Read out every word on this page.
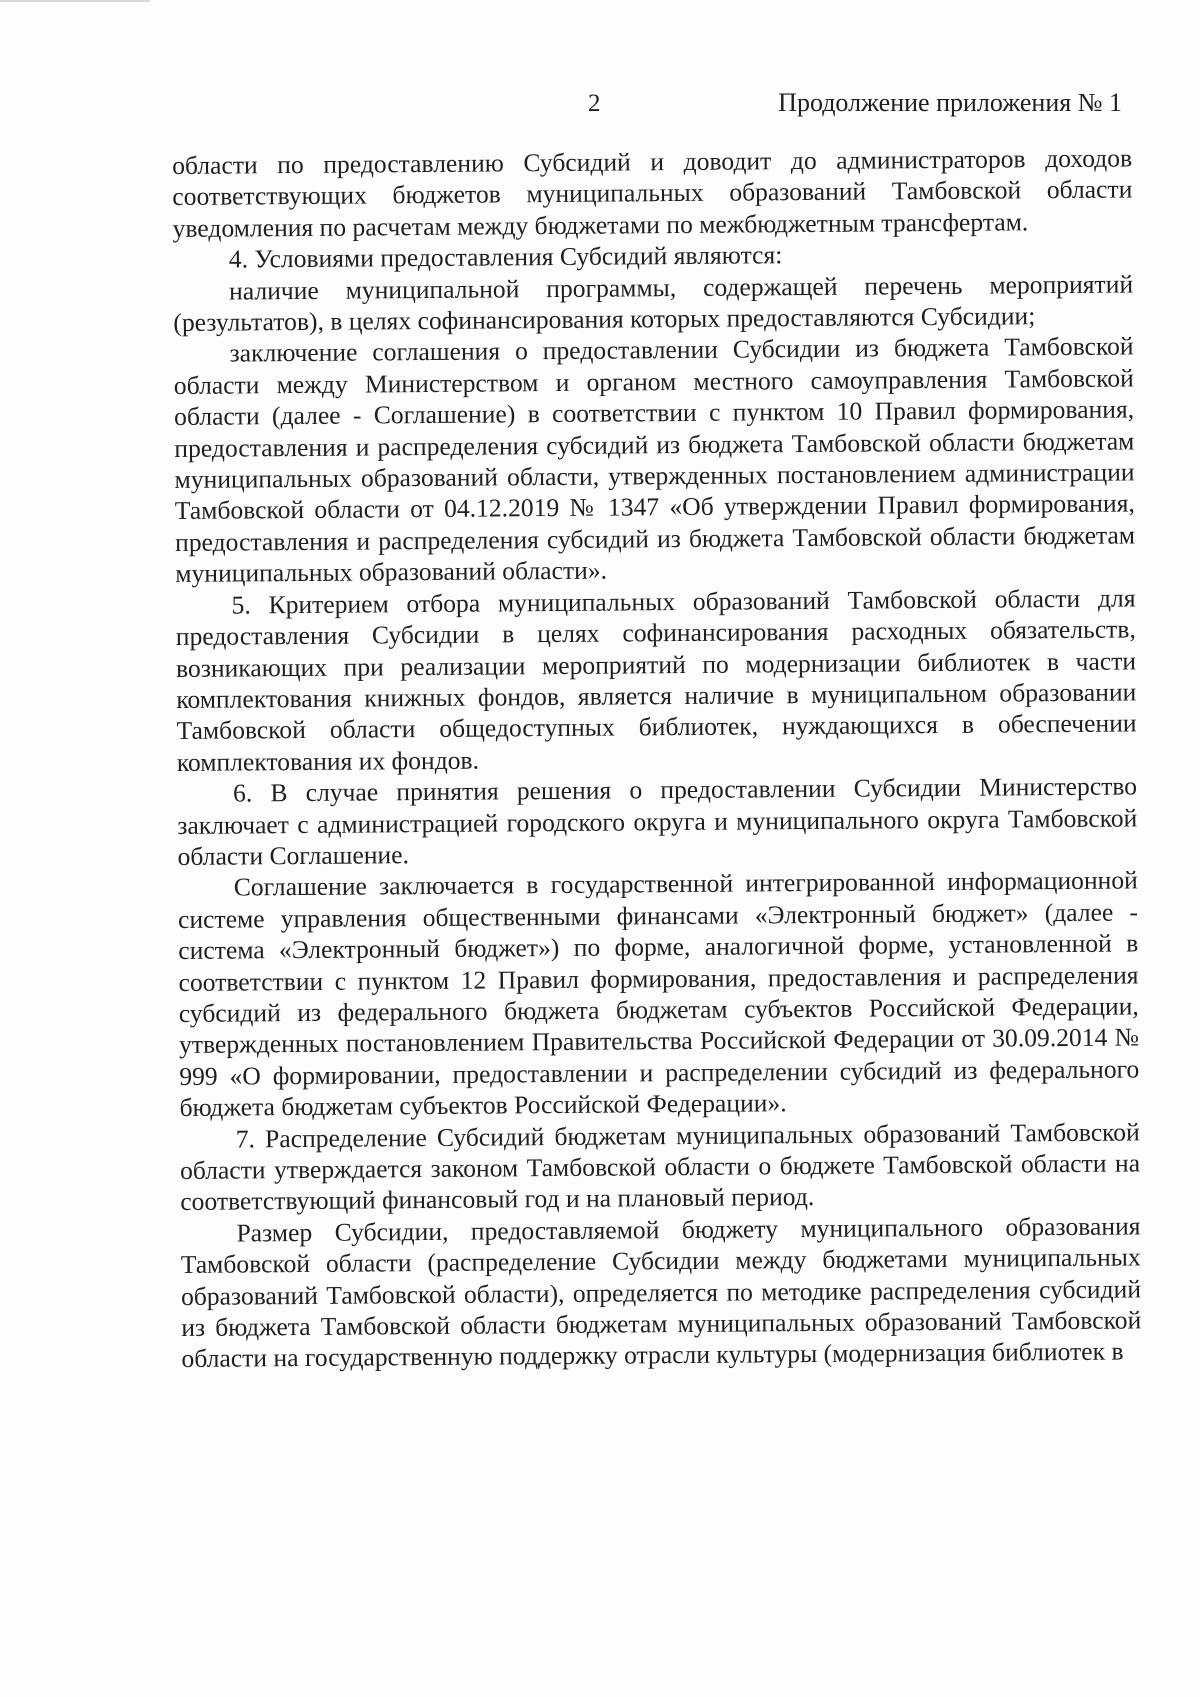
2	Продолжение приложения № 1

области по предоставлению Субсидий и доводит до администраторов доходов соответствующих бюджетов муниципальных образований Тамбовской области уведомления по расчетам между бюджетами по межбюджетным трансфертам.

4. Условиями предоставления Субсидий являются:

наличие муниципальной программы, содержащей перечень мероприятий (результатов), в целях софинансирования которых предоставляются Субсидии;

заключение соглашения о предоставлении Субсидии из бюджета Тамбовской области между Министерством и органом местного самоуправления Тамбовской области (далее - Соглашение) в соответствии с пунктом 10 Правил формирования, предоставления и распределения субсидий из бюджета Тамбовской области бюджетам муниципальных образований области, утвержденных постановлением администрации Тамбовской области от 04.12.2019 № 1347 «Об утверждении Правил формирования, предоставления и распределения субсидий из бюджета Тамбовской области бюджетам муниципальных образований области».

5. Критерием отбора муниципальных образований Тамбовской области для предоставления Субсидии в целях софинансирования расходных обязательств, возникающих при реализации мероприятий по модернизации библиотек в части комплектования книжных фондов, является наличие в муниципальном образовании Тамбовской области общедоступных библиотек, нуждающихся в обеспечении комплектования их фондов.

6. В случае принятия решения о предоставлении Субсидии Министерство заключает с администрацией городского округа и муниципального округа Тамбовской области Соглашение.

Соглашение заключается в государственной интегрированной информационной системе управления общественными финансами «Электронный бюджет» (далее - система «Электронный бюджет») по форме, аналогичной форме, установленной в соответствии с пунктом 12 Правил формирования, предоставления и распределения субсидий из федерального бюджета бюджетам субъектов Российской Федерации, утвержденных постановлением Правительства Российской Федерации от 30.09.2014 № 999 «О формировании, предоставлении и распределении субсидий из федерального бюджета бюджетам субъектов Российской Федерации».

7. Распределение Субсидий бюджетам муниципальных образований Тамбовской области утверждается законом Тамбовской области о бюджете Тамбовской области на соответствующий финансовый год и на плановый период.

Размер Субсидии, предоставляемой бюджету муниципального образования Тамбовской области (распределение Субсидии между бюджетами муниципальных образований Тамбовской области), определяется по методике распределения субсидий из бюджета Тамбовской области бюджетам муниципальных образований Тамбовской области на государственную поддержку отрасли культуры (модернизация библиотек в
